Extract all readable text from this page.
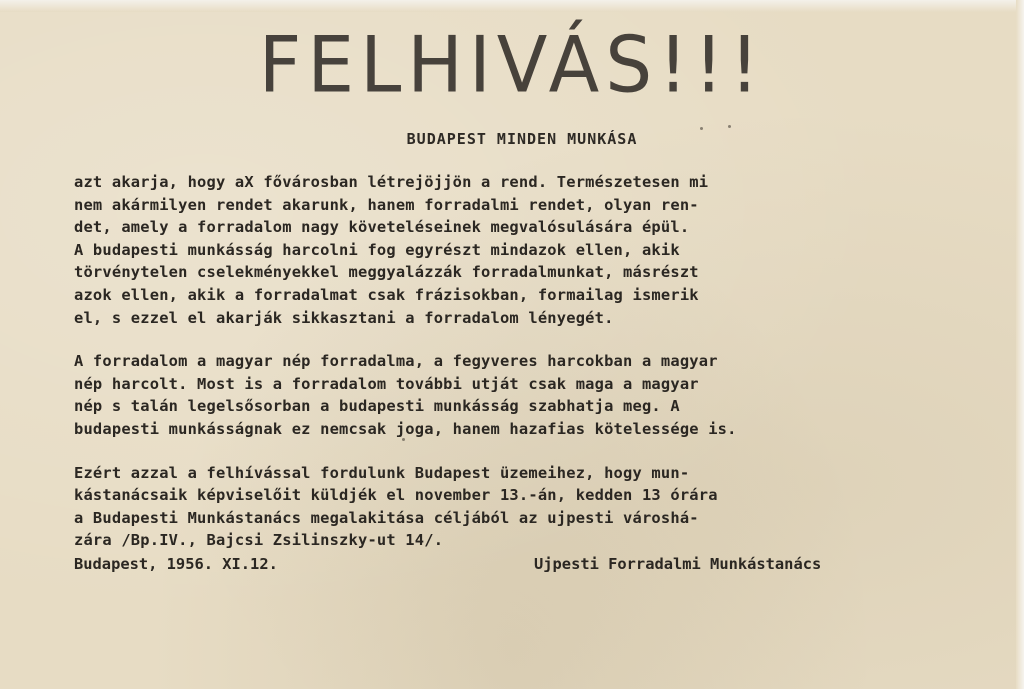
FELHIVÁS!!!
BUDAPEST MINDEN MUNKÁSA
azt akarja, hogy aX fővárosban létrejöjjön a rend. Természetesen mi
nem akármilyen rendet akarunk, hanem forradalmi rendet, olyan ren-
det, amely a forradalom nagy követeléseinek megvalósulására épül.
A budapesti munkásság harcolni fog egyrészt mindazok ellen, akik
törvénytelen cselekményekkel meggyalázzák forradalmunkat, másrészt
azok ellen, akik a forradalmat csak frázisokban, formailag ismerik
el, s ezzel el akarják sikkasztani a forradalom lényegét.
A forradalom a magyar nép forradalma, a fegyveres harcokban a magyar
nép harcolt. Most is a forradalom további utját csak maga a magyar
nép s talán legelsősorban a budapesti munkásság szabhatja meg. A
budapesti munkásságnak ez nemcsak joga, hanem hazafias kötelessége is.
Ezért azzal a felhívással fordulunk Budapest üzemeihez, hogy mun-
kástanácsaik képviselőit küldjék el november 13.-án, kedden 13 órára
a Budapesti Munkástanács megalakitása céljából az ujpesti városhá-
zára /Bp.IV., Bajcsi Zsilinszky-ut 14/.
Budapest, 1956. XI.12.	Ujpesti Forradalmi Munkástanács
